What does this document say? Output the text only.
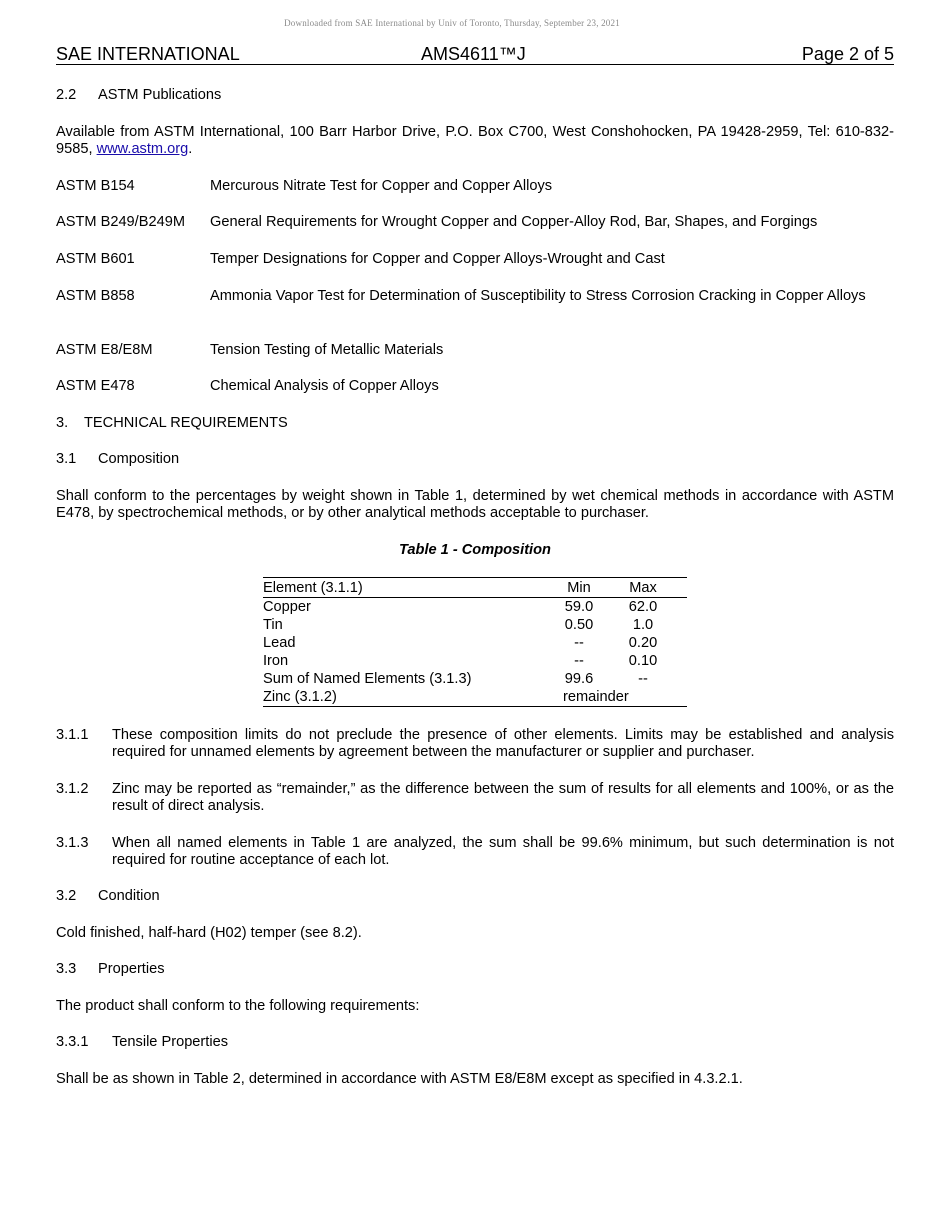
Downloaded from SAE International by Univ of Toronto, Thursday, September 23, 2021
SAE INTERNATIONAL	AMS4611™J	Page 2 of 5
2.2 ASTM Publications
Available from ASTM International, 100 Barr Harbor Drive, P.O. Box C700, West Conshohocken, PA 19428-2959, Tel: 610-832-9585, www.astm.org.
ASTM B154	Mercurous Nitrate Test for Copper and Copper Alloys
ASTM B249/B249M General Requirements for Wrought Copper and Copper-Alloy Rod, Bar, Shapes, and Forgings
ASTM B601	Temper Designations for Copper and Copper Alloys-Wrought and Cast
ASTM B858	Ammonia Vapor Test for Determination of Susceptibility to Stress Corrosion Cracking in Copper Alloys
ASTM E8/E8M	Tension Testing of Metallic Materials
ASTM E478	Chemical Analysis of Copper Alloys
3. TECHNICAL REQUIREMENTS
3.1 Composition
Shall conform to the percentages by weight shown in Table 1, determined by wet chemical methods in accordance with ASTM E478, by spectrochemical methods, or by other analytical methods acceptable to purchaser.
Table 1 - Composition
Element (3.1.1)	Min	Max
Copper	59.0	62.0
Tin	0.50	1.0
Lead	--	0.20
Iron	--	0.10
Sum of Named Elements (3.1.3)	99.6	--
Zinc (3.1.2)	remainder
3.1.1 These composition limits do not preclude the presence of other elements. Limits may be established and analysis required for unnamed elements by agreement between the manufacturer or supplier and purchaser.
3.1.2 Zinc may be reported as “remainder,” as the difference between the sum of results for all elements and 100%, or as the result of direct analysis.
3.1.3 When all named elements in Table 1 are analyzed, the sum shall be 99.6% minimum, but such determination is not required for routine acceptance of each lot.
3.2 Condition
Cold finished, half-hard (H02) temper (see 8.2).
3.3 Properties
The product shall conform to the following requirements:
3.3.1 Tensile Properties
Shall be as shown in Table 2, determined in accordance with ASTM E8/E8M except as specified in 4.3.2.1.
